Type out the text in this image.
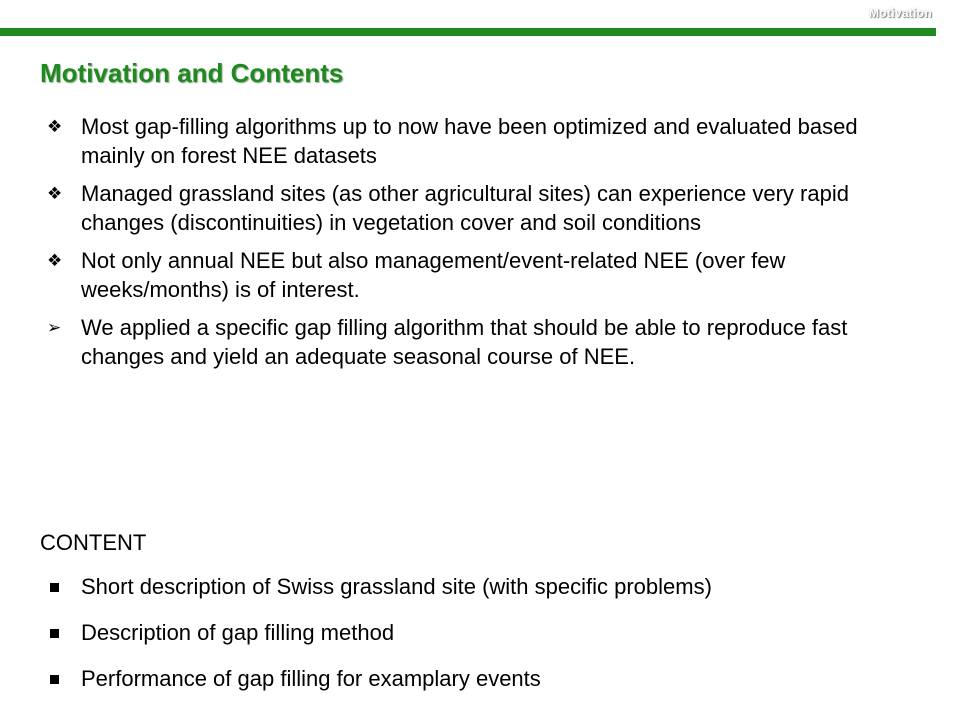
Motivation
Motivation and Contents
❖ Most gap-filling algorithms up to now have been optimized and evaluated based mainly on forest NEE datasets
❖ Managed grassland sites (as other agricultural sites) can experience very rapid changes (discontinuities) in vegetation cover and soil conditions
❖ Not only annual NEE but also management/event-related NEE (over few weeks/months) is of interest.
➢ We applied a specific gap filling algorithm that should be able to reproduce fast changes and yield an adequate seasonal course of NEE.
CONTENT
Short description of Swiss grassland site (with specific problems)
Description of gap filling method
Performance of gap filling for examplary events
